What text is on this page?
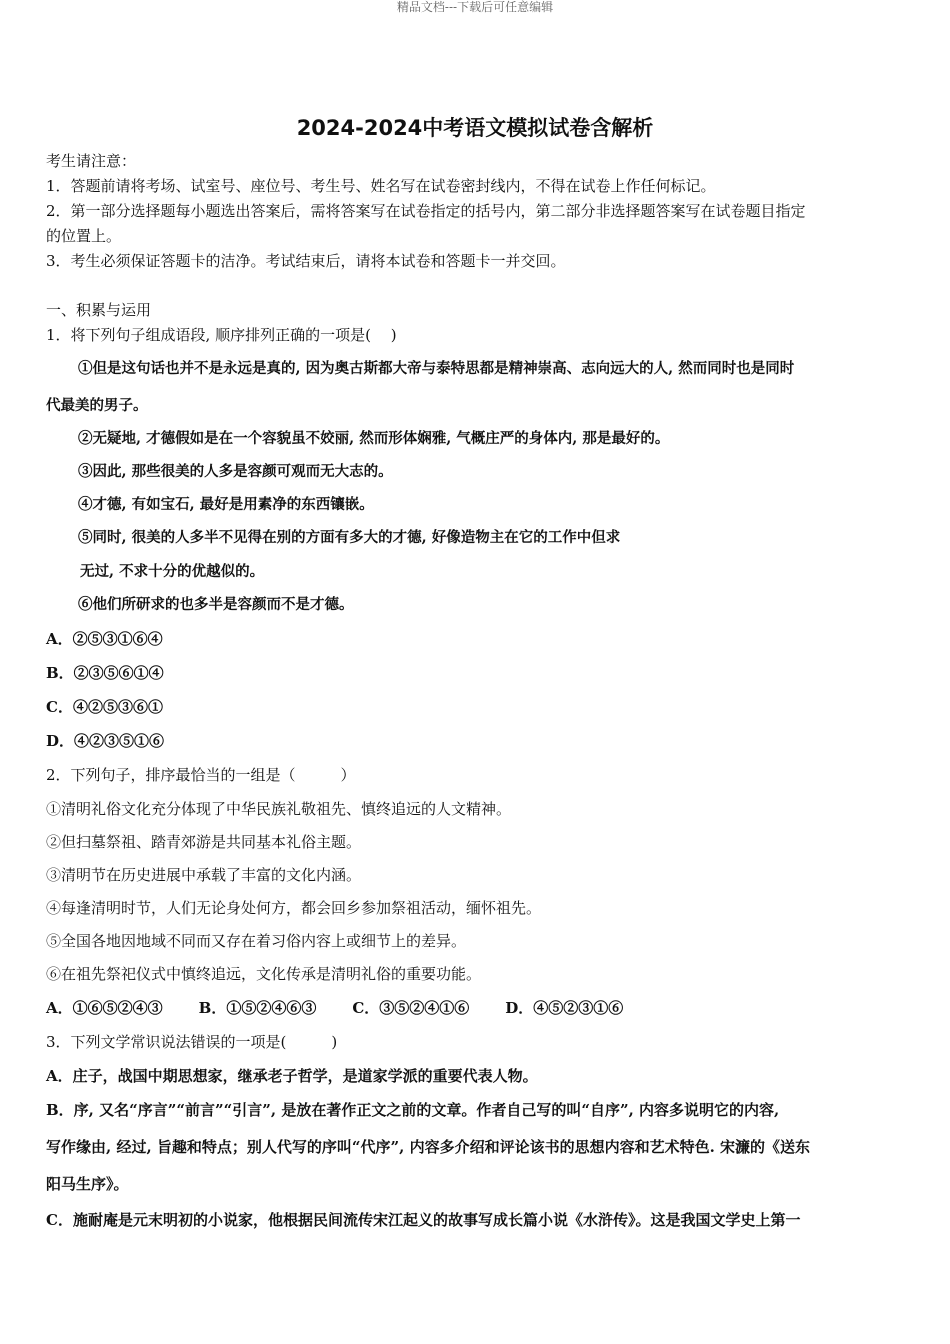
精品文档---下载后可任意编辑
2024-2024中考语文模拟试卷含解析
考生请注意：
1．答题前请将考场、试室号、座位号、考生号、姓名写在试卷密封线内，不得在试卷上作任何标记。
2．第一部分选择题每小题选出答案后，需将答案写在试卷指定的括号内，第二部分非选择题答案写在试卷题目指定
的位置上。
3．考生必须保证答题卡的洁净。考试结束后，请将本试卷和答题卡一并交回。
一、积累与运用
1．将下列句子组成语段, 顺序排列正确的一项是(　 )
①但是这句话也并不是永远是真的, 因为奥古斯都大帝与泰特思都是精神崇高、志向远大的人, 然而同时也是同时
代最美的男子。
②无疑地, 才德假如是在一个容貌虽不姣丽, 然而形体娴雅, 气概庄严的身体内, 那是最好的。
③因此, 那些很美的人多是容颜可观而无大志的。
④才德, 有如宝石, 最好是用素净的东西镶嵌。
⑤同时, 很美的人多半不见得在别的方面有多大的才德, 好像造物主在它的工作中但求
无过, 不求十分的优越似的。
⑥他们所研求的也多半是容颜而不是才德。
A．②⑤③①⑥④
B．②③⑤⑥①④
C．④②⑤③⑥①
D．④②③⑤①⑥
2．下列句子，排序最恰当的一组是（　　　）
①清明礼俗文化充分体现了中华民族礼敬祖先、慎终追远的人文精神。
②但扫墓祭祖、踏青郊游是共同基本礼俗主题。
③清明节在历史进展中承载了丰富的文化内涵。
④每逢清明时节，人们无论身处何方，都会回乡参加祭祖活动，缅怀祖先。
⑤全国各地因地域不同而又存在着习俗内容上或细节上的差异。
⑥在祖先祭祀仪式中慎终追远，文化传承是清明礼俗的重要功能。
A．①⑥⑤②④③ B．①⑤②④⑥③ C．③⑤②④①⑥ D．④⑤②③①⑥
3．下列文学常识说法错误的一项是(　　　)
A．庄子，战国中期思想家，继承老子哲学，是道家学派的重要代表人物。
B．序, 又名“序言”“前言”“引言”, 是放在著作正文之前的文章。作者自己写的叫“自序”, 内容多说明它的内容,
写作缘由, 经过, 旨趣和特点；别人代写的序叫“代序”, 内容多介绍和评论该书的思想内容和艺术特色. 宋濂的《送东
阳马生序》。
C．施耐庵是元末明初的小说家，他根据民间流传宋江起义的故事写成长篇小说《水浒传》。这是我国文学史上第一
